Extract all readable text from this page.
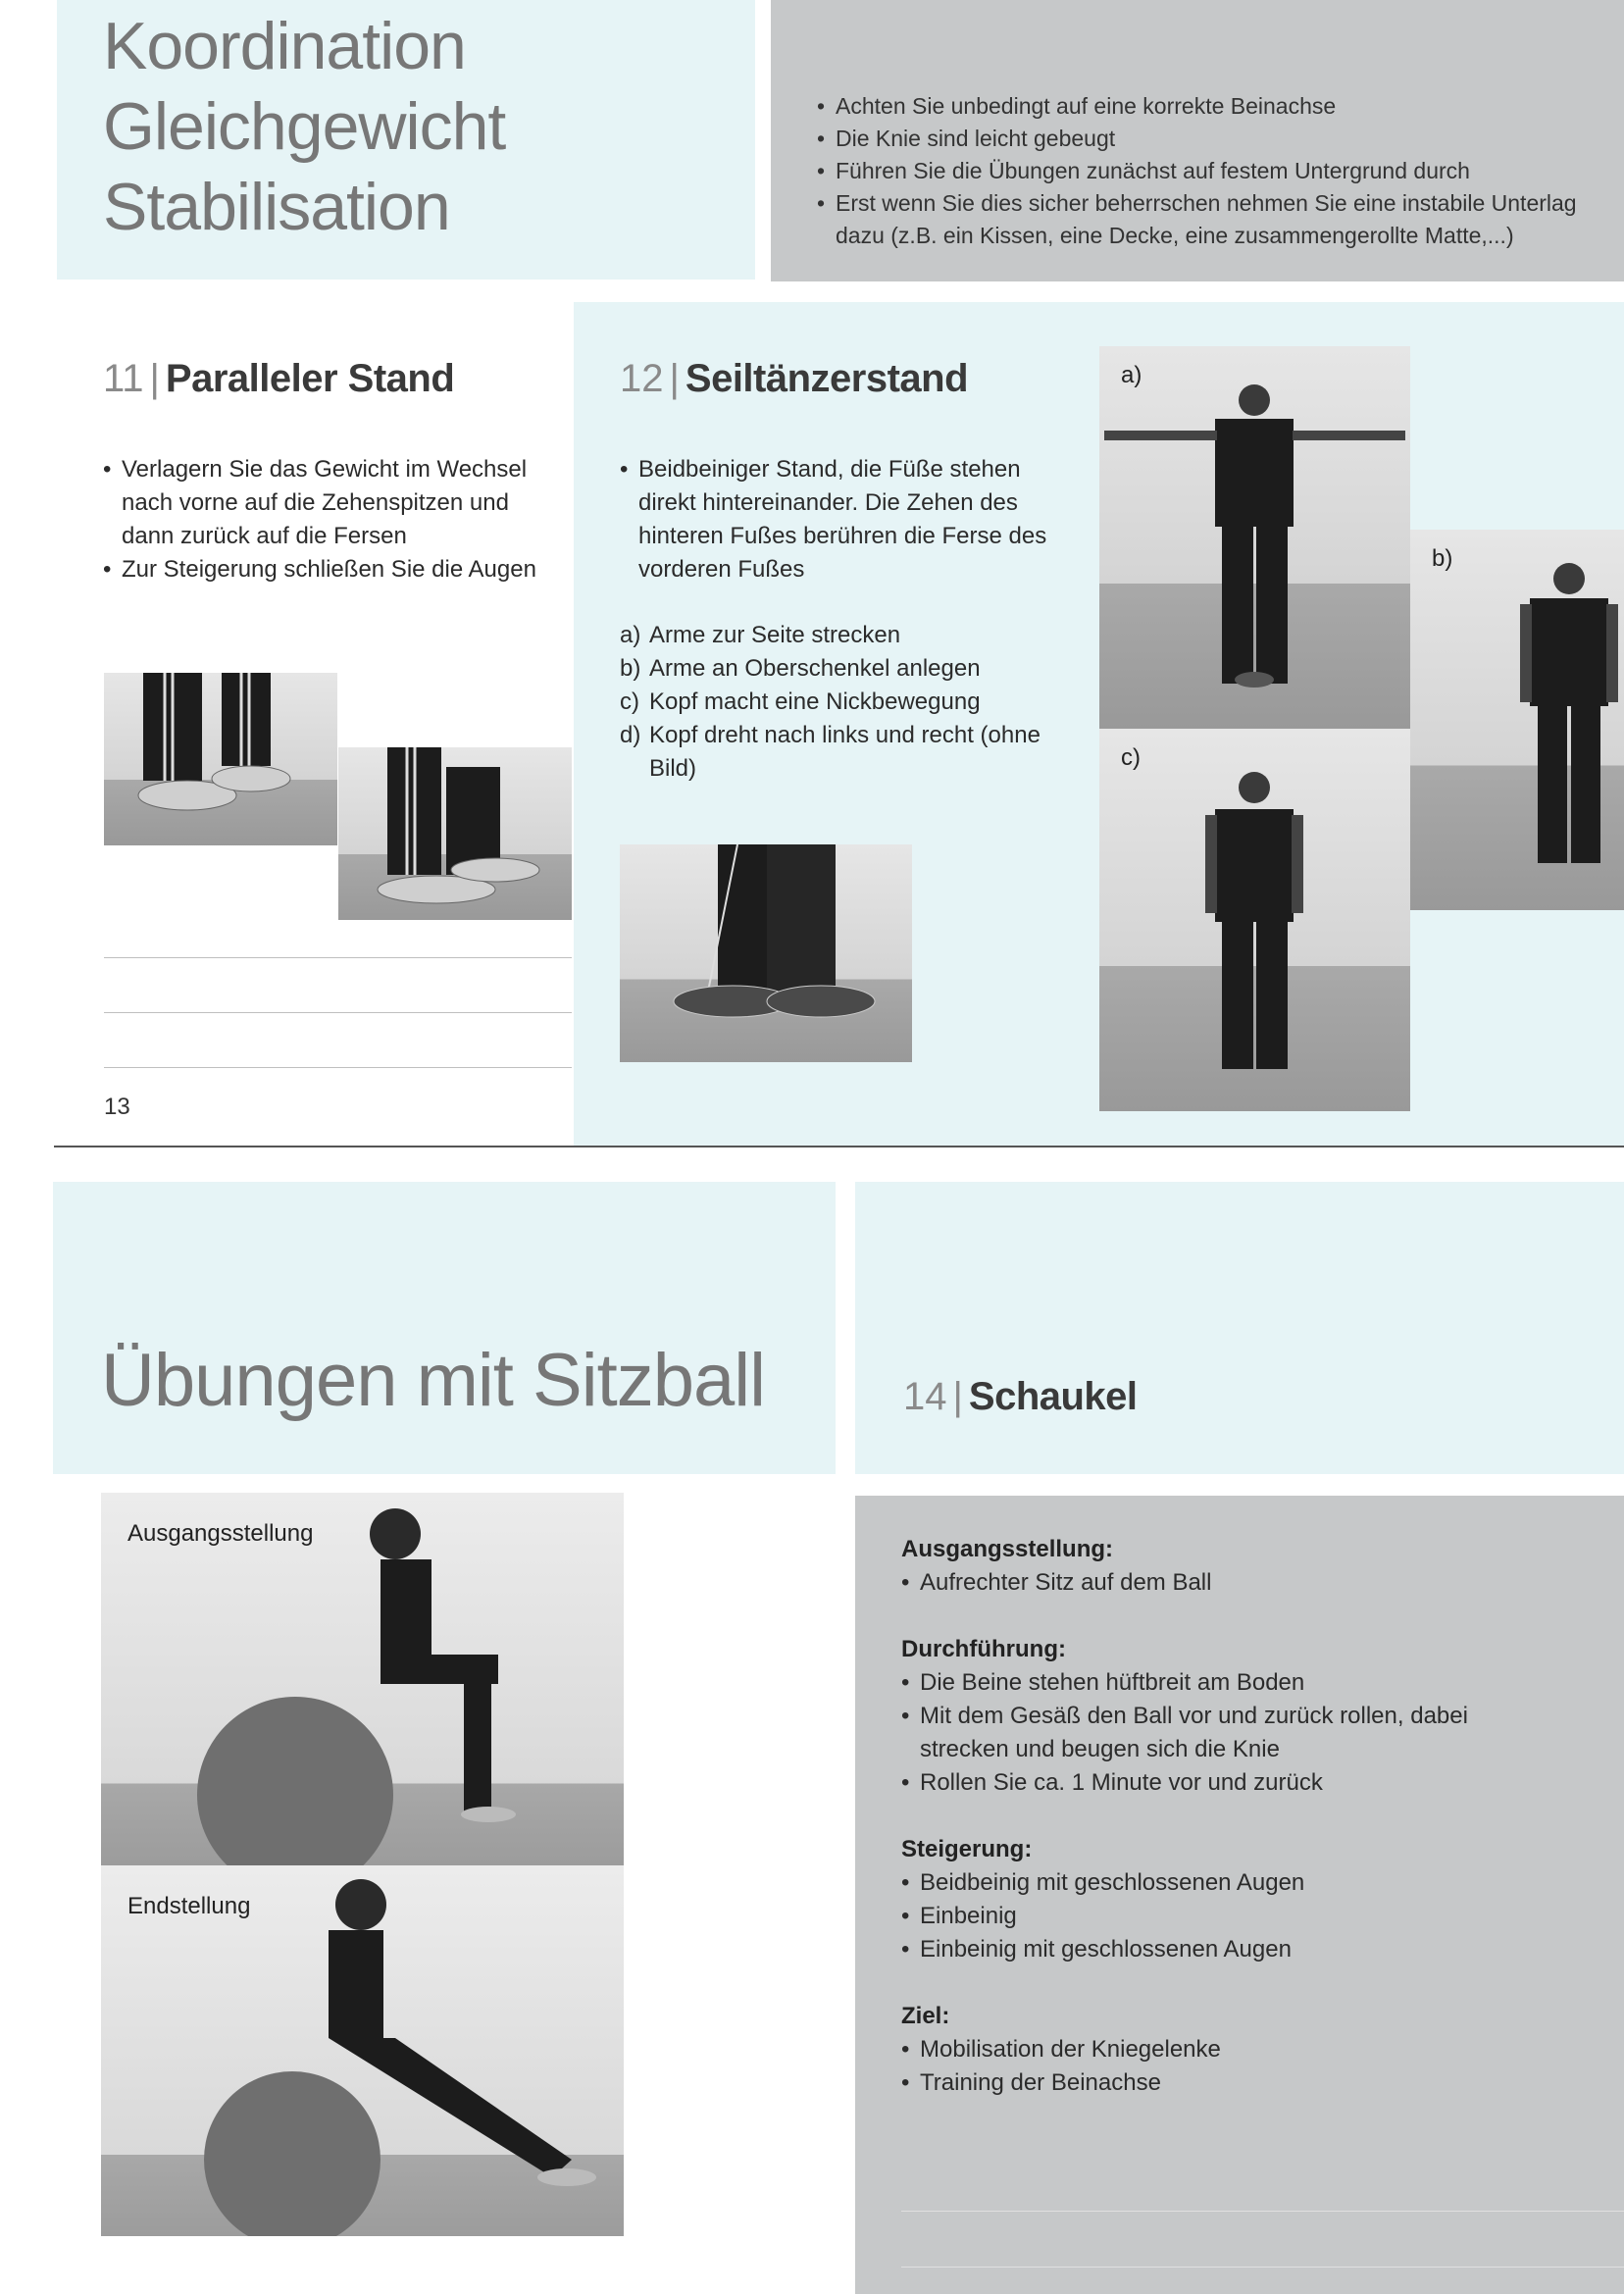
Koordination
Gleichgewicht
Stabilisation
• Achten Sie unbedingt auf eine korrekte Beinachse
• Die Knie sind leicht gebeugt
• Führen Sie die Übungen zunächst auf festem Untergrund durch
• Erst wenn Sie dies sicher beherrschen nehmen Sie eine instabile Unterlag dazu (z.B. ein Kissen, eine Decke, eine zusammengerollte Matte,...)
11 | Paralleler Stand
• Verlagern Sie das Gewicht im Wechsel nach vorne auf die Zehenspitzen und dann zurück auf die Fersen
• Zur Steigerung schließen Sie die Augen
13
12 | Seiltänzerstand
• Beidbeiniger Stand, die Füße stehen direkt hintereinander. Die Zehen des hinteren Fußes berühren die Ferse des vorderen Fußes
a) Arme zur Seite strecken
b) Arme an Oberschenkel anlegen
c) Kopf macht eine Nickbewegung
d) Kopf dreht nach links und recht (ohne Bild)
a)
b)
c)
Übungen mit Sitzball	14 | Schaukel
Ausgangsstellung
Endstellung
Ausgangsstellung:
• Aufrechter Sitz auf dem Ball
Durchführung:
• Die Beine stehen hüftbreit am Boden
• Mit dem Gesäß den Ball vor und zurück rollen, dabei strecken und beugen sich die Knie
• Rollen Sie ca. 1 Minute vor und zurück
Steigerung:
• Beidbeinig mit geschlossenen Augen
• Einbeinig
• Einbeinig mit geschlossenen Augen
Ziel:
• Mobilisation der Kniegelenke
• Training der Beinachse
